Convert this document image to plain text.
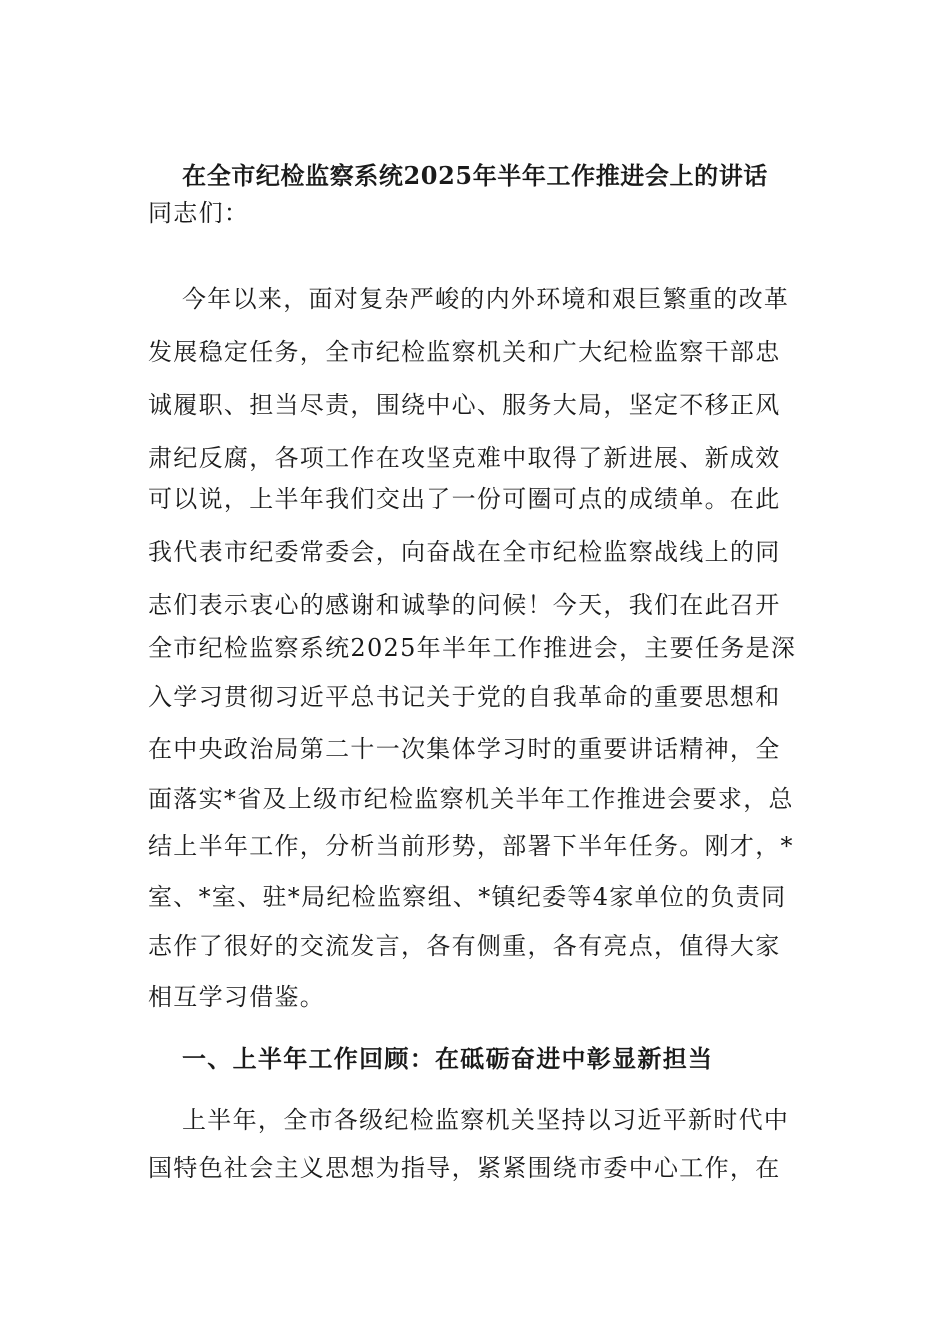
在全市纪检监察系统2025年半年工作推进会上的讲话
同志们：
今年以来，面对复杂严峻的内外环境和艰巨繁重的改革
发展稳定任务，全市纪检监察机关和广大纪检监察干部忠
诚履职、担当尽责，围绕中心、服务大局，坚定不移正风
肃纪反腐，各项工作在攻坚克难中取得了新进展、新成效
可以说，上半年我们交出了一份可圈可点的成绩单。在此
我代表市纪委常委会，向奋战在全市纪检监察战线上的同
志们表示衷心的感谢和诚挚的问候！今天，我们在此召开
全市纪检监察系统2025年半年工作推进会，主要任务是深
入学习贯彻习近平总书记关于党的自我革命的重要思想和
在中央政治局第二十一次集体学习时的重要讲话精神，全
面落实*省及上级市纪检监察机关半年工作推进会要求，总
结上半年工作，分析当前形势，部署下半年任务。刚才，*
室、*室、驻*局纪检监察组、*镇纪委等4家单位的负责同
志作了很好的交流发言，各有侧重，各有亮点，值得大家
相互学习借鉴。
一、上半年工作回顾：在砥砺奋进中彰显新担当
上半年，全市各级纪检监察机关坚持以习近平新时代中
国特色社会主义思想为指导，紧紧围绕市委中心工作，在
